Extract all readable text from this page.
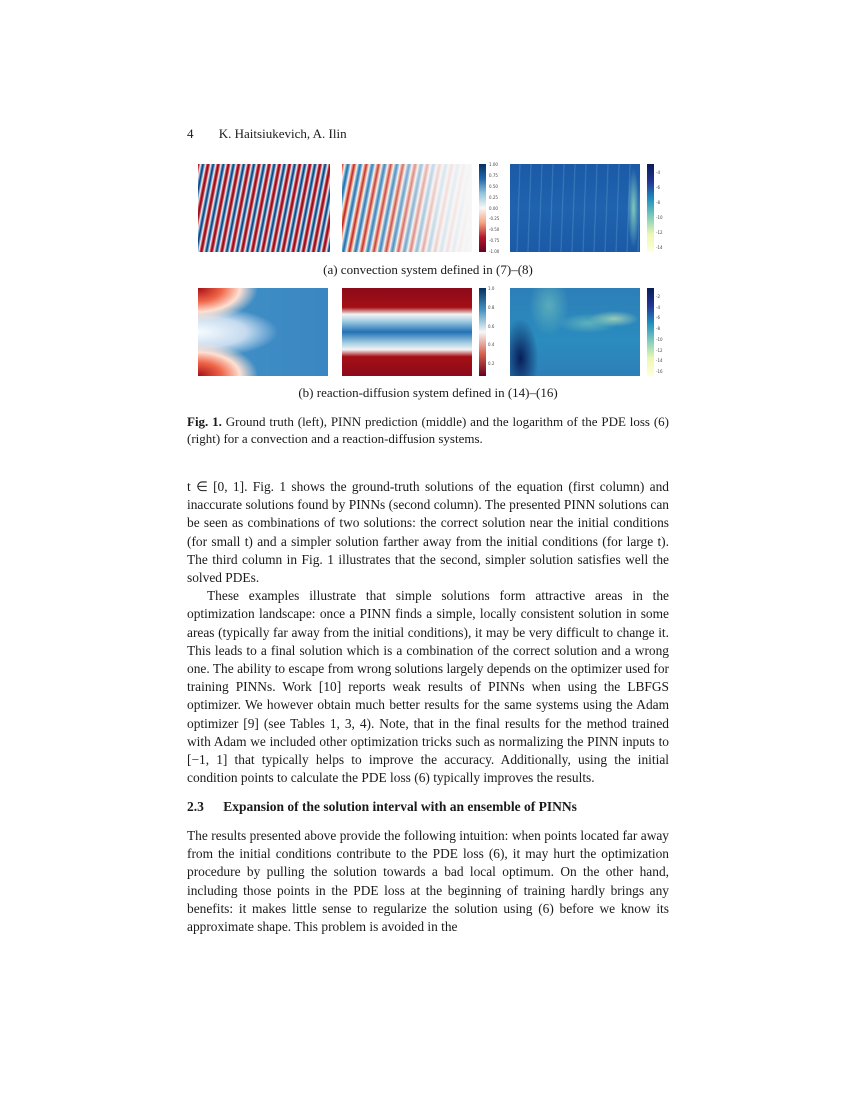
4 K. Haitsiukevich, A. Ilin
1.00
0.75
0.50
0.25
0.00
-0.25
-0.50
-0.75
-1.00
-4
-6
-8
-10
-12
-14
(a) convection system defined in (7)–(8)
1.0
0.8
0.6
0.4
0.2
-2
-4
-6
-8
-10
-12
-14
-16
(b) reaction-diffusion system defined in (14)–(16)
Fig. 1. Ground truth (left), PINN prediction (middle) and the logarithm of the PDE loss (6) (right) for a convection and a reaction-diffusion systems.

t ∈ [0, 1]. Fig. 1 shows the ground-truth solutions of the equation (first column) and inaccurate solutions found by PINNs (second column). The presented PINN solutions can be seen as combinations of two solutions: the correct solution near the initial conditions (for small t) and a simpler solution farther away from the initial conditions (for large t). The third column in Fig. 1 illustrates that the second, simpler solution satisfies well the solved PDEs.

These examples illustrate that simple solutions form attractive areas in the optimization landscape: once a PINN finds a simple, locally consistent solution in some areas (typically far away from the initial conditions), it may be very difficult to change it. This leads to a final solution which is a combination of the correct solution and a wrong one. The ability to escape from wrong solutions largely depends on the optimizer used for training PINNs. Work [10] reports weak results of PINNs when using the LBFGS optimizer. We however obtain much better results for the same systems using the Adam optimizer [9] (see Tables 1, 3, 4). Note, that in the final results for the method trained with Adam we included other optimization tricks such as normalizing the PINN inputs to [−1, 1] that typically helps to improve the accuracy. Additionally, using the initial condition points to calculate the PDE loss (6) typically improves the results.

2.3 Expansion of the solution interval with an ensemble of PINNs

The results presented above provide the following intuition: when points located far away from the initial conditions contribute to the PDE loss (6), it may hurt the optimization procedure by pulling the solution towards a bad local optimum. On the other hand, including those points in the PDE loss at the beginning of training hardly brings any benefits: it makes little sense to regularize the solution using (6) before we know its approximate shape. This problem is avoided in the
